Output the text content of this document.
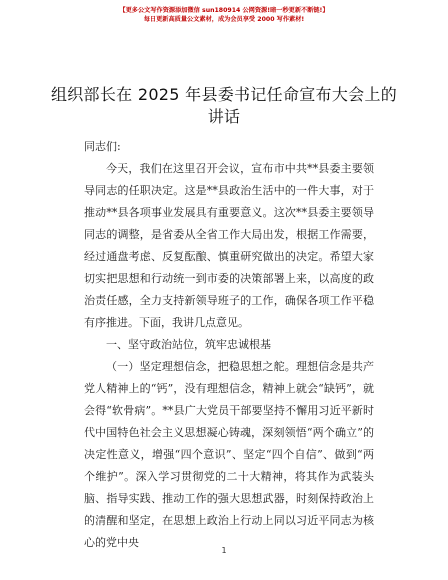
【更多公文写作资源添加微信 sun180914 公网资源!暗一秒更新不断链!】
每日更新高质量公文素材，成为会员享受 2000 写作素材!
组织部长在 2025 年县委书记任命宣布大会上的讲话

同志们:

今天，我们在这里召开会议，宣布市中共**县委主要领导同志的任职决定。这是**县政治生活中的一件大事，对于推动**县各项事业发展具有重要意义。这次**县委主要领导同志的调整，是省委从全省工作大局出发，根据工作需要，经过通盘考虑、反复酝酿、慎重研究做出的决定。希望大家切实把思想和行动统一到市委的决策部署上来，以高度的政治责任感，全力支持新领导班子的工作，确保各项工作平稳有序推进。下面，我讲几点意见。

一、坚守政治站位，筑牢忠诚根基

（一）坚定理想信念，把稳思想之舵。理想信念是共产党人精神上的“钙”，没有理想信念，精神上就会“缺钙”，就会得“软骨病”。**县广大党员干部要坚持不懈用习近平新时代中国特色社会主义思想凝心铸魂，深刻领悟“两个确立”的决定性意义，增强“四个意识”、坚定“四个自信”、做到“两个维护”。深入学习贯彻党的二十大精神，将其作为武装头脑、指导实践、推动工作的强大思想武器，时刻保持政治上的清醒和坚定，在思想上政治上行动上同以习近平同志为核心的党中央

1
